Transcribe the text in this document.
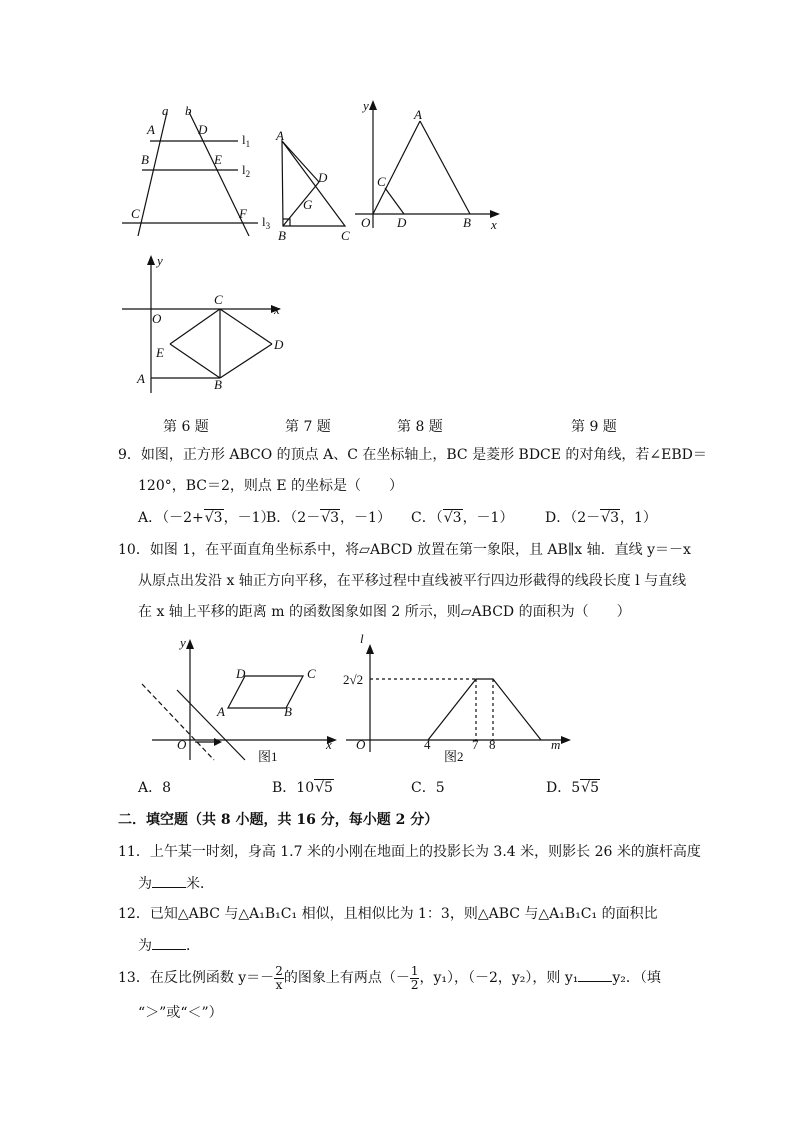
a b
A	D
B	E
C	F
$l_1$
$l_2$
$l_3$
A
D
G
B	C
y
A
C
O D	B x
y
C
x
O
E
D
A	B
y
D	C
A	B
O	x
图1
l
2√2
O	4	7 8	m
图2
第 6 题	第 7 题	第 8 题	第 9 题
9．如图，正方形 ABCO 的顶点 A、C 在坐标轴上，BC 是菱形 BDCE 的对角线，若∠EBD＝
120°，BC＝2，则点 E 的坐标是（　　）
A．（－2+√3，－1）
B．（2－√3，－1） C．（√3，－1） D．（2－√3，1）
10．如图 1，在平面直角坐标系中，将▱ABCD 放置在第一象限，且 AB∥x 轴．直线 y＝－x
从原点出发沿 x 轴正方向平移，在平移过程中直线被平行四边形截得的线段长度 l 与直线
在 x 轴上平移的距离 m 的函数图象如图 2 所示，则▱ABCD 的面积为（　　）
A．8	B．10√5	C．5	D．5√5
二．填空题（共 8 小题，共 16 分，每小题 2 分）
11．上午某一时刻，身高 1.7 米的小刚在地面上的投影长为 3.4 米，则影长 26 米的旗杆高度
为 米．
12．已知△ABC 与△A₁B₁C₁ 相似，且相似比为 1：3，则△ABC 与△A₁B₁C₁ 的面积比
为 ．
13．在反比例函数 $y=- \frac{2}{x}$ 的图象上有两点（－ $\frac{1}{2}$ ，y₁），（－2，y₂），则 y₁ y₂．（填
“＞”或“＜”）
